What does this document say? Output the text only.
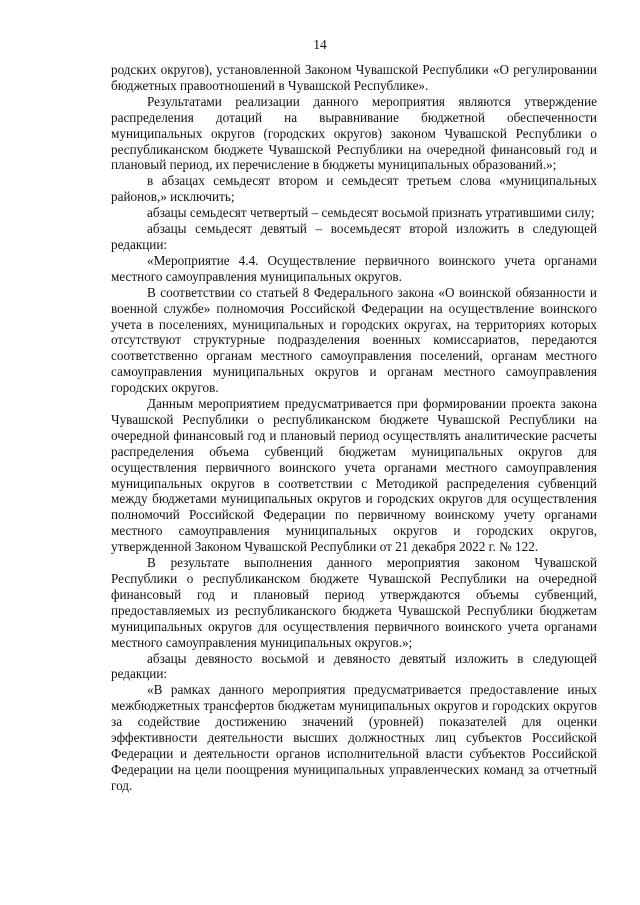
14

родских округов), установленной Законом Чувашской Республики «О регулировании бюджетных правоотношений в Чувашской Республике».

Результатами реализации данного мероприятия являются утверждение распределения дотаций на выравнивание бюджетной обеспеченности муниципальных округов (городских округов) законом Чувашской Республики о республиканском бюджете Чувашской Республики на очередной финансовый год и плановый период, их перечисление в бюджеты муниципальных образований.»;

в абзацах семьдесят втором и семьдесят третьем слова «муниципальных районов,» исключить;

абзацы семьдесят четвертый – семьдесят восьмой признать утратившими силу;

абзацы семьдесят девятый – восемьдесят второй изложить в следующей редакции:

«Мероприятие 4.4. Осуществление первичного воинского учета органами местного самоуправления муниципальных округов.

В соответствии со статьей 8 Федерального закона «О воинской обязанности и военной службе» полномочия Российской Федерации на осуществление воинского учета в поселениях, муниципальных и городских округах, на территориях которых отсутствуют структурные подразделения военных комиссариатов, передаются соответственно органам местного самоуправления поселений, органам местного самоуправления муниципальных округов и органам местного самоуправления городских округов.

Данным мероприятием предусматривается при формировании проекта закона Чувашской Республики о республиканском бюджете Чувашской Республики на очередной финансовый год и плановый период осуществлять аналитические расчеты распределения объема субвенций бюджетам муниципальных округов для осуществления первичного воинского учета органами местного самоуправления муниципальных округов в соответствии с Методикой распределения субвенций между бюджетами муниципальных округов и городских округов для осуществления полномочий Российской Федерации по первичному воинскому учету органами местного самоуправления муниципальных округов и городских округов, утвержденной Законом Чувашской Республики от 21 декабря 2022 г. № 122.

В результате выполнения данного мероприятия законом Чувашской Республики о республиканском бюджете Чувашской Республики на очередной финансовый год и плановый период утверждаются объемы субвенций, предоставляемых из республиканского бюджета Чувашской Республики бюджетам муниципальных округов для осуществления первичного воинского учета органами местного самоуправления муниципальных округов.»;

абзацы девяносто восьмой и девяносто девятый изложить в следующей редакции:

«В рамках данного мероприятия предусматривается предоставление иных межбюджетных трансфертов бюджетам муниципальных округов и городских округов за содействие достижению значений (уровней) показателей для оценки эффективности деятельности высших должностных лиц субъектов Российской Федерации и деятельности органов исполнительной власти субъектов Российской Федерации на цели поощрения муниципальных управленческих команд за отчетный год.
